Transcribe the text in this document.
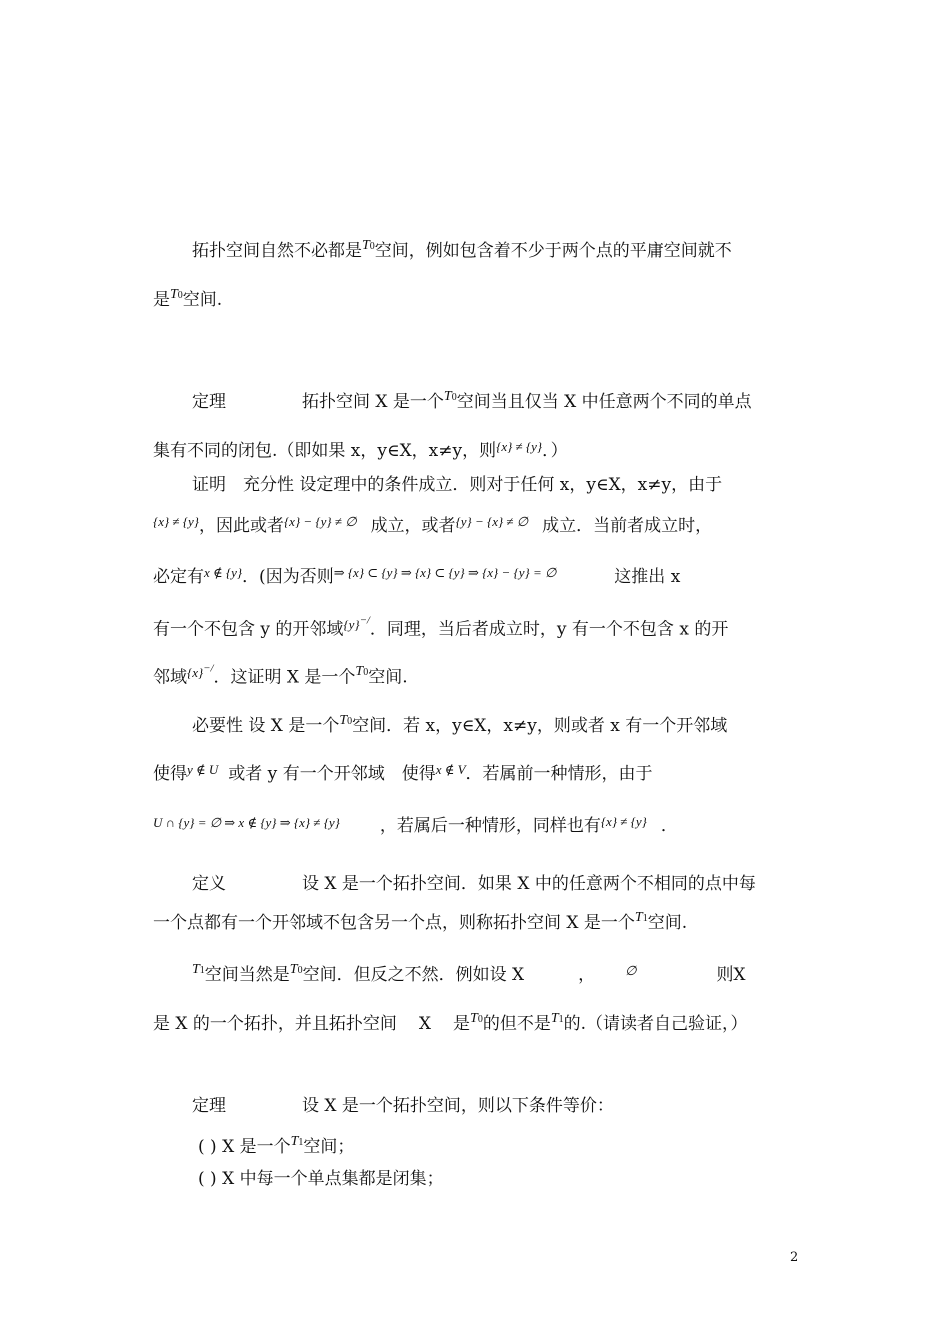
拓扑空间自然不必都是$^{T0}$空间，例如包含着不少于两个点的平庸空间就不
是$^{T0}$空间.
定理	拓扑空间 X 是一个$^{T0}$空间当且仅当 X 中任意两个不同的单点
集有不同的闭包.（即如果 x，y∈X，x≠y，则$^{\{x\} \ne \{y\}}$．）
证明　充分性 设定理中的条件成立．则对于任何 x，y∈X，x≠y，由于
$^{\{x\} \ne \{y\}}$，因此或者$^{\{x\} - \{y\} \ne \emptyset}$ 成立，或者$^{\{y\} - \{x\} \ne \emptyset}$ 成立．当前者成立时，
必定有$^{x \notin \{y\}}$．(因为否则$^{\Rightarrow \{x\} \subset \{y\} \Rightarrow \{x\} \subset \{y\} \Rightarrow \{x\} - \{y\} = \emptyset}$	这推出 x
有一个不包含 y 的开邻域$^{\{y\}^{-/}}$．同理，当后者成立时，y 有一个不包含 x 的开
邻域$^{\{x\}^{-/}}$．这证明 X 是一个$^{T0}$空间.
必要性 设 X 是一个$^{T0}$空间．若 x，y∈X，x≠y，则或者 x 有一个开邻域
使得$^{y \notin U}$ 或者 y 有一个开邻域　使得$^{x \notin V}$．若属前一种情形，由于
$^{U \cap \{y\} = \emptyset \Rightarrow x \notin \{y\} \Rightarrow \{x\} \ne \{y\}}$ ，若属后一种情形，同样也有$^{\{x\} \ne \{y\}}$ ．
定义	设 X 是一个拓扑空间．如果 X 中的任意两个不相同的点中每
一个点都有一个开邻域不包含另一个点，则称拓扑空间 X 是一个$^{T1}$空间.
$^{T1}$空间当然是$^{T0}$空间．但反之不然．例如设 X	， ∅	则X
是 X 的一个拓扑，并且拓扑空间 X 是$^{T0}$的但不是$^{T1}$的.（请读者自己验证，）
定理	设 X 是一个拓扑空间，则以下条件等价：
( ) X 是一个$^{T1}$空间；
( ) X 中每一个单点集都是闭集；
2
